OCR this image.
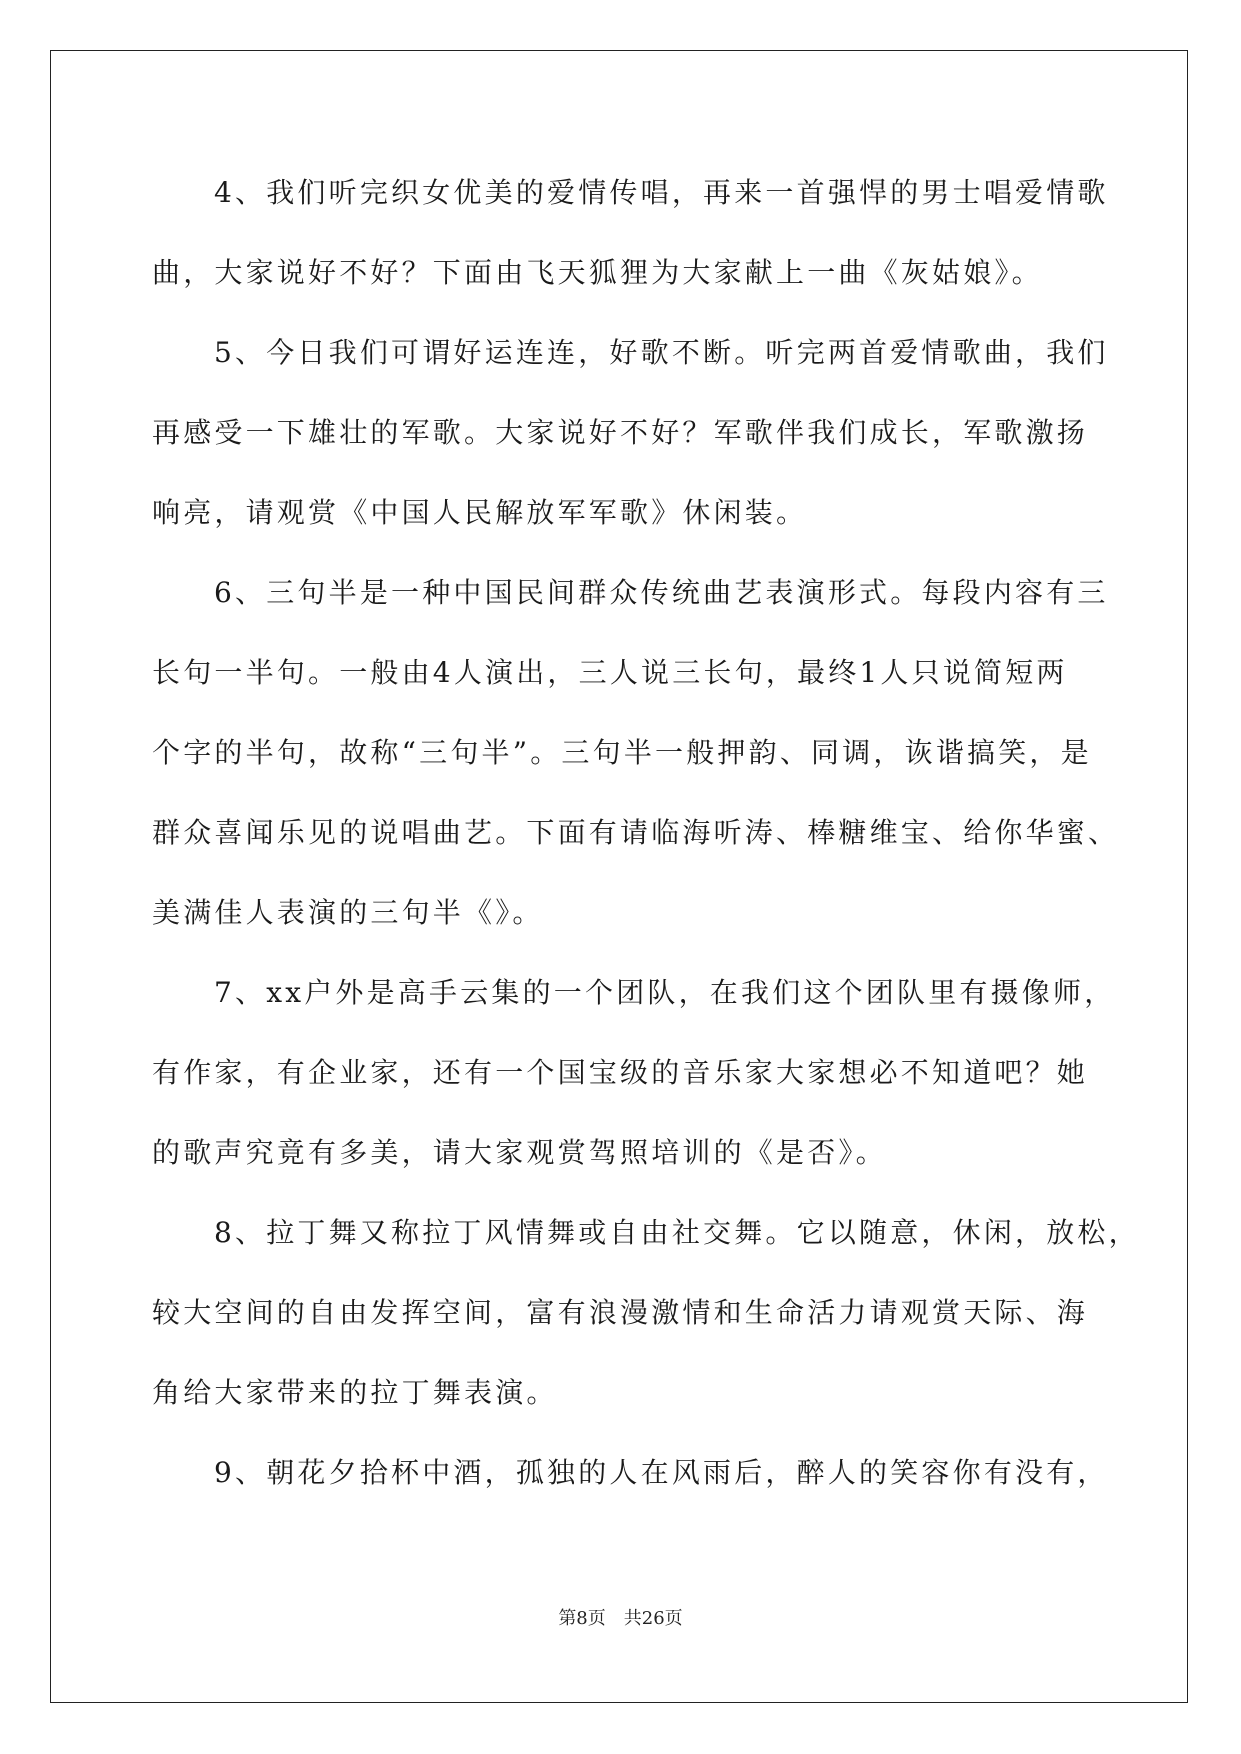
4、我们听完织女优美的爱情传唱，再来一首强悍的男士唱爱情歌

曲，大家说好不好？下面由飞天狐狸为大家献上一曲《灰姑娘》。

5、今日我们可谓好运连连，好歌不断。听完两首爱情歌曲，我们

再感受一下雄壮的军歌。大家说好不好？军歌伴我们成长，军歌激扬

响亮，请观赏《中国人民解放军军歌》休闲装。

6、三句半是一种中国民间群众传统曲艺表演形式。每段内容有三

长句一半句。一般由4人演出，三人说三长句，最终1人只说简短两

个字的半句，故称“三句半”。三句半一般押韵、同调，诙谐搞笑，是

群众喜闻乐见的说唱曲艺。下面有请临海听涛、棒糖维宝、给你华蜜、

美满佳人表演的三句半《》。

7、xx户外是高手云集的一个团队，在我们这个团队里有摄像师，

有作家，有企业家，还有一个国宝级的音乐家大家想必不知道吧？她

的歌声究竟有多美，请大家观赏驾照培训的《是否》。

8、拉丁舞又称拉丁风情舞或自由社交舞。它以随意，休闲，放松，

较大空间的自由发挥空间，富有浪漫激情和生命活力请观赏天际、海

角给大家带来的拉丁舞表演。

9、朝花夕拾杯中酒，孤独的人在风雨后，醉人的笑容你有没有，

第8页　共26页
